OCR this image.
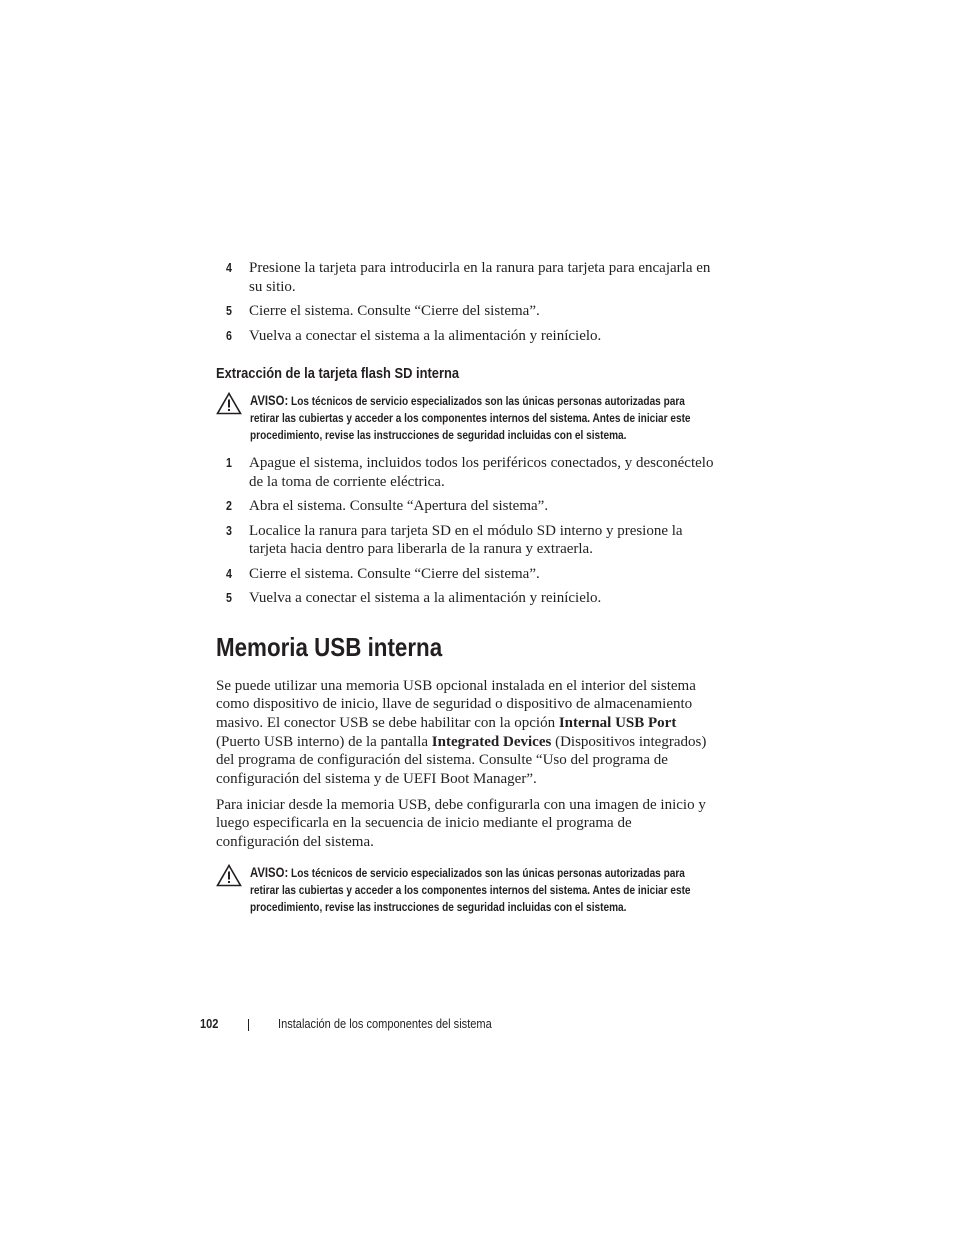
4 Presione la tarjeta para introducirla en la ranura para tarjeta para encajarla en su sitio.
5 Cierre el sistema. Consulte “Cierre del sistema”.
6 Vuelva a conectar el sistema a la alimentación y reinícielo.
Extracción de la tarjeta flash SD interna
AVISO: Los técnicos de servicio especializados son las únicas personas autorizadas para retirar las cubiertas y acceder a los componentes internos del sistema. Antes de iniciar este procedimiento, revise las instrucciones de seguridad incluidas con el sistema.
1 Apague el sistema, incluidos todos los periféricos conectados, y desconéctelo de la toma de corriente eléctrica.
2 Abra el sistema. Consulte “Apertura del sistema”.
3 Localice la ranura para tarjeta SD en el módulo SD interno y presione la tarjeta hacia dentro para liberarla de la ranura y extraerla.
4 Cierre el sistema. Consulte “Cierre del sistema”.
5 Vuelva a conectar el sistema a la alimentación y reinícielo.
Memoria USB interna

Se puede utilizar una memoria USB opcional instalada en el interior del sistema como dispositivo de inicio, llave de seguridad o dispositivo de almacenamiento masivo. El conector USB se debe habilitar con la opción Internal USB Port (Puerto USB interno) de la pantalla Integrated Devices (Dispositivos integrados) del programa de configuración del sistema. Consulte “Uso del programa de configuración del sistema y de UEFI Boot Manager”.

Para iniciar desde la memoria USB, debe configurarla con una imagen de inicio y luego especificarla en la secuencia de inicio mediante el programa de configuración del sistema.

AVISO: Los técnicos de servicio especializados son las únicas personas autorizadas para retirar las cubiertas y acceder a los componentes internos del sistema. Antes de iniciar este procedimiento, revise las instrucciones de seguridad incluidas con el sistema.
102	Instalación de los componentes del sistema
